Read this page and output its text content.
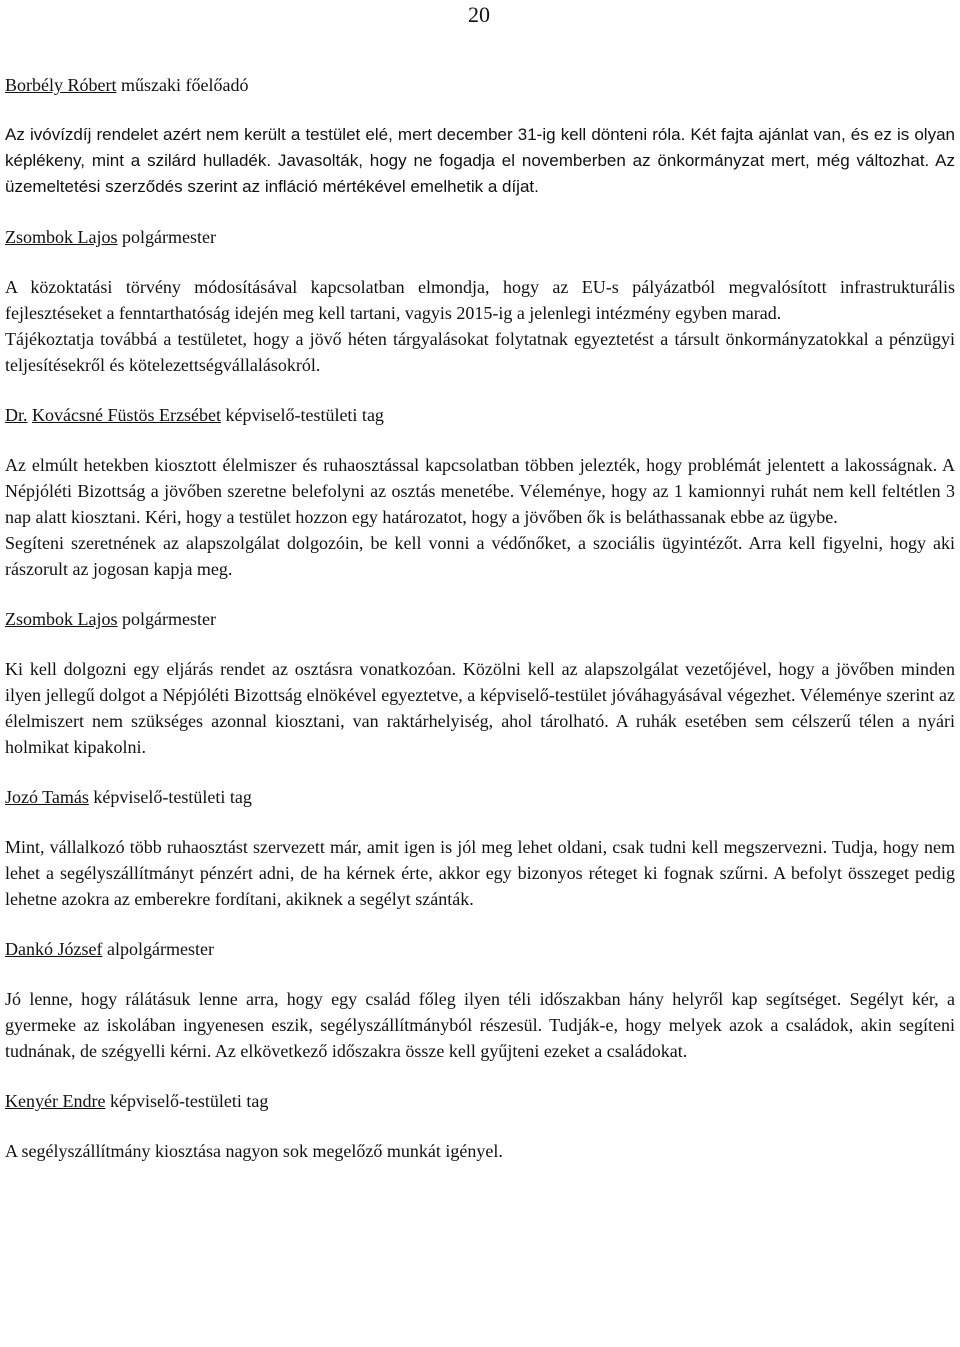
20
Borbély Róbert műszaki főelőadó

Az ivóvízdíj rendelet azért nem került a testület elé, mert december 31-ig kell dönteni róla. Két fajta ajánlat van, és ez is olyan képlékeny, mint a szilárd hulladék. Javasolták, hogy ne fogadja el novemberben az önkormányzat mert, még változhat. Az üzemeltetési szerződés szerint az infláció mértékével emelhetik a díjat.

Zsombok Lajos polgármester

A közoktatási törvény módosításával kapcsolatban elmondja, hogy az EU-s pályázatból megvalósított infrastrukturális fejlesztéseket a fenntarthatóság idején meg kell tartani, vagyis 2015-ig a jelenlegi intézmény egyben marad.

Tájékoztatja továbbá a testületet, hogy a jövő héten tárgyalásokat folytatnak egyeztetést a társult önkormányzatokkal a pénzügyi teljesítésekről és kötelezettségvállalásokról.

Dr. Kovácsné Füstös Erzsébet képviselő-testületi tag

Az elmúlt hetekben kiosztott élelmiszer és ruhaosztással kapcsolatban többen jelezték, hogy problémát jelentett a lakosságnak. A Népjóléti Bizottság a jövőben szeretne belefolyni az osztás menetébe. Véleménye, hogy az 1 kamionnyi ruhát nem kell feltétlen 3 nap alatt kiosztani. Kéri, hogy a testület hozzon egy határozatot, hogy a jövőben ők is beláthassanak ebbe az ügybe.

Segíteni szeretnének az alapszolgálat dolgozóin, be kell vonni a védőnőket, a szociális ügyintézőt. Arra kell figyelni, hogy aki rászorult az jogosan kapja meg.

Zsombok Lajos polgármester

Ki kell dolgozni egy eljárás rendet az osztásra vonatkozóan. Közölni kell az alapszolgálat vezetőjével, hogy a jövőben minden ilyen jellegű dolgot a Népjóléti Bizottság elnökével egyeztetve, a képviselő-testület jóváhagyásával végezhet. Véleménye szerint az élelmiszert nem szükséges azonnal kiosztani, van raktárhelyiség, ahol tárolható. A ruhák esetében sem célszerű télen a nyári holmikat kipakolni.

Jozó Tamás képviselő-testületi tag

Mint, vállalkozó több ruhaosztást szervezett már, amit igen is jól meg lehet oldani, csak tudni kell megszervezni. Tudja, hogy nem lehet a segélyszállítmányt pénzért adni, de ha kérnek érte, akkor egy bizonyos réteget ki fognak szűrni. A befolyt összeget pedig lehetne azokra az emberekre fordítani, akiknek a segélyt szánták.

Dankó József alpolgármester

Jó lenne, hogy rálátásuk lenne arra, hogy egy család főleg ilyen téli időszakban hány helyről kap segítséget. Segélyt kér, a gyermeke az iskolában ingyenesen eszik, segélyszállítmányból részesül. Tudják-e, hogy melyek azok a családok, akin segíteni tudnának, de szégyelli kérni. Az elkövetkező időszakra össze kell gyűjteni ezeket a családokat.

Kenyér Endre képviselő-testületi tag

A segélyszállítmány kiosztása nagyon sok megelőző munkát igényel.
